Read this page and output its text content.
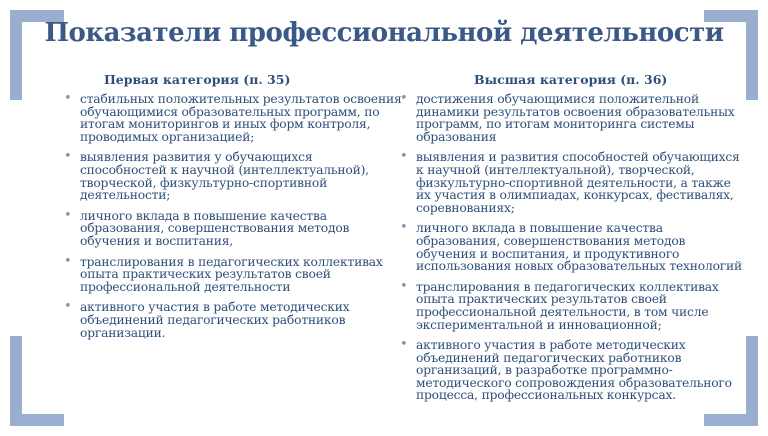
Показатели профессиональной деятельности
Первая категория (п. 35)
• стабильных положительных результатов освоения обучающимися образовательных программ, по итогам мониторингов и иных форм контроля, проводимых организацией;
• выявления развития у обучающихся способностей к научной (интеллектуальной), творческой, физкультурно-спортивной деятельности;
• личного вклада в повышение качества образования, совершенствования методов обучения и воспитания,
• транслирования в педагогических коллективах опыта практических результатов своей профессиональной деятельности
• активного участия в работе методических объединений педагогических работников организации.
Высшая категория (п. 36)
• достижения обучающимися положительной динамики результатов освоения образовательных программ, по итогам мониторинга системы образования
• выявления и развития способностей обучающихся к научной (интеллектуальной), творческой, физкультурно-спортивной деятельности, а также их участия в олимпиадах, конкурсах, фестивалях, соревнованиях;
• личного вклада в повышение качества образования, совершенствования методов обучения и воспитания, и продуктивного использования новых образовательных технологий
• транслирования в педагогических коллективах опыта практических результатов своей профессиональной деятельности, в том числе экспериментальной и инновационной;
• активного участия в работе методических объединений педагогических работников организаций, в разработке программно-методического сопровождения образовательного процесса, профессиональных конкурсах.
